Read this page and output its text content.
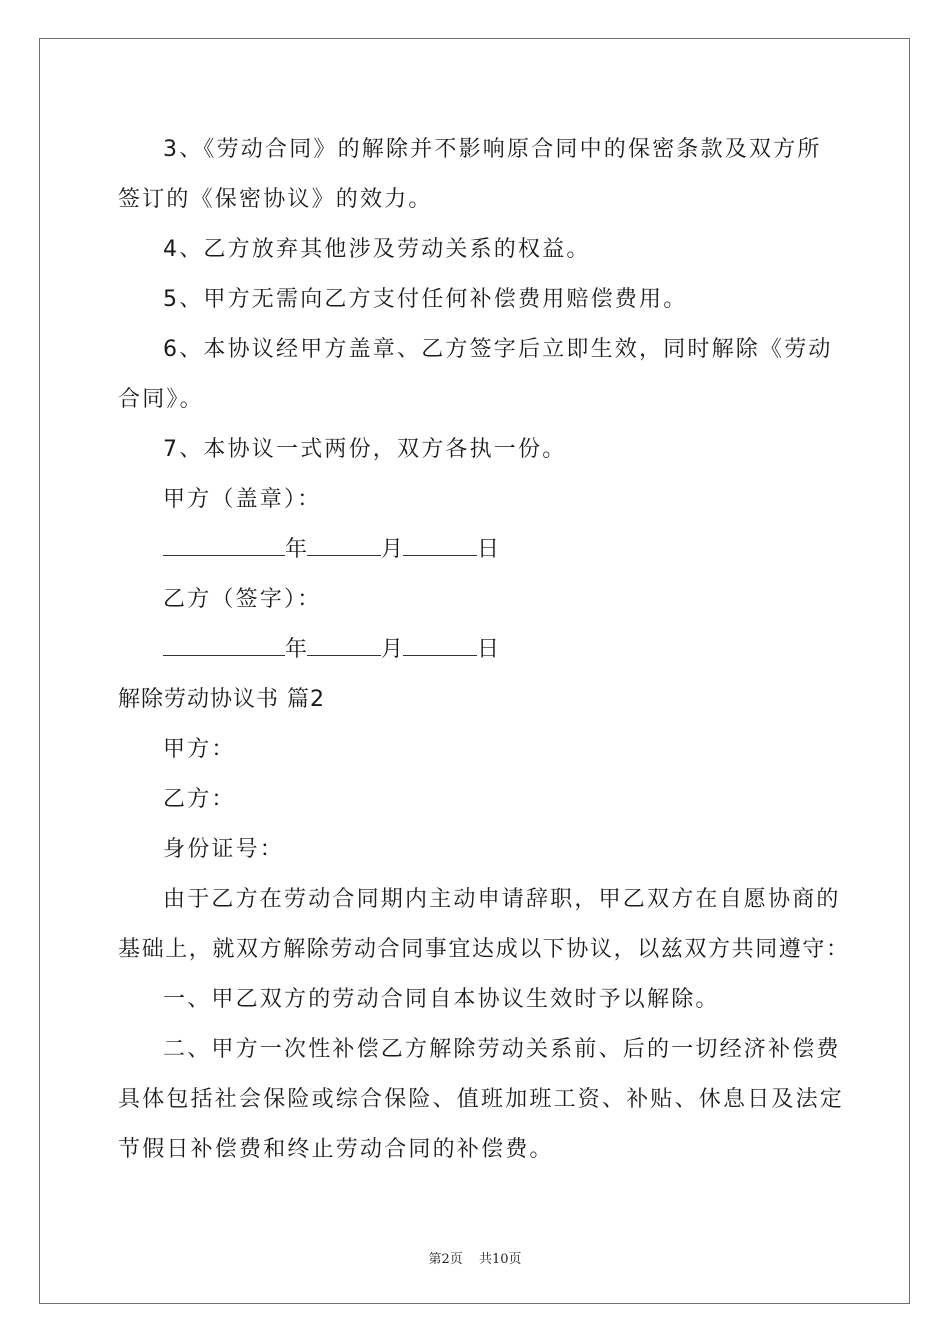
3、《劳动合同》的解除并不影响原合同中的保密条款及双方所
签订的《保密协议》的效力。
4、乙方放弃其他涉及劳动关系的权益。
5、甲方无需向乙方支付任何补偿费用赔偿费用。
6、本协议经甲方盖章、乙方签字后立即生效，同时解除《劳动
合同》。
7、本协议一式两份，双方各执一份。
甲方（盖章）：
年	月	日
乙方（签字）：
年	月	日
解除劳动协议书 篇2
甲方：
乙方：
身份证号：
由于乙方在劳动合同期内主动申请辞职，甲乙双方在自愿协商的
基础上，就双方解除劳动合同事宜达成以下协议，以兹双方共同遵守：
一、甲乙双方的劳动合同自本协议生效时予以解除。
二、甲方一次性补偿乙方解除劳动关系前、后的一切经济补偿费
具体包括社会保险或综合保险、值班加班工资、补贴、休息日及法定
节假日补偿费和终止劳动合同的补偿费。
第2页 共10页
